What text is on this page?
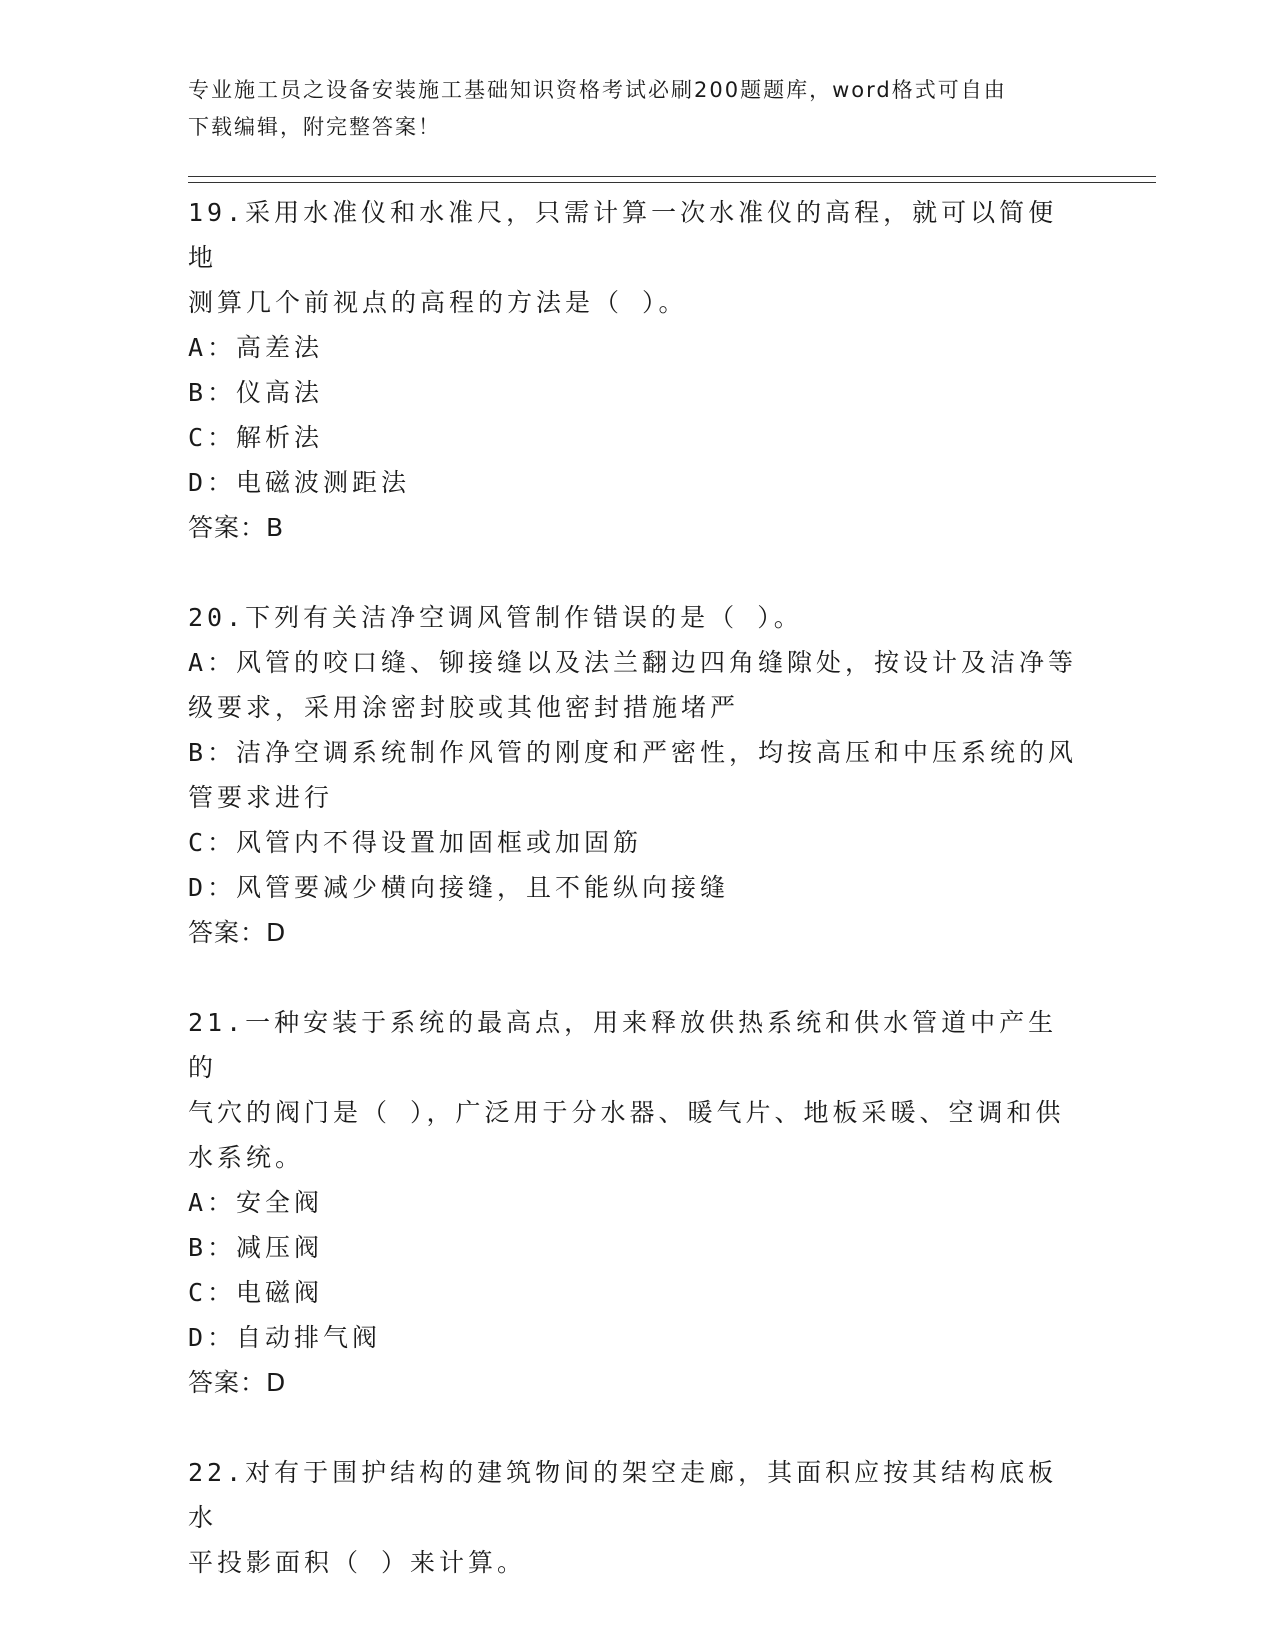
专业施工员之设备安装施工基础知识资格考试必刷200题题库，word格式可自由
下载编辑，附完整答案！
19.采用水准仪和水准尺，只需计算一次水准仪的高程，就可以简便地
测算几个前视点的高程的方法是（ ）。
A：高差法
B：仪高法
C：解析法
D：电磁波测距法
答案：B
20.下列有关洁净空调风管制作错误的是（ ）。
A：风管的咬口缝、铆接缝以及法兰翻边四角缝隙处，按设计及洁净等
级要求，采用涂密封胶或其他密封措施堵严
B：洁净空调系统制作风管的刚度和严密性，均按高压和中压系统的风
管要求进行
C：风管内不得设置加固框或加固筋
D：风管要减少横向接缝，且不能纵向接缝
答案：D
21.一种安装于系统的最高点，用来释放供热系统和供水管道中产生的
气穴的阀门是（ ），广泛用于分水器、暖气片、地板采暖、空调和供
水系统。
A：安全阀
B：减压阀
C：电磁阀
D：自动排气阀
答案：D
22.对有于围护结构的建筑物间的架空走廊，其面积应按其结构底板水
平投影面积（ ）来计算。
